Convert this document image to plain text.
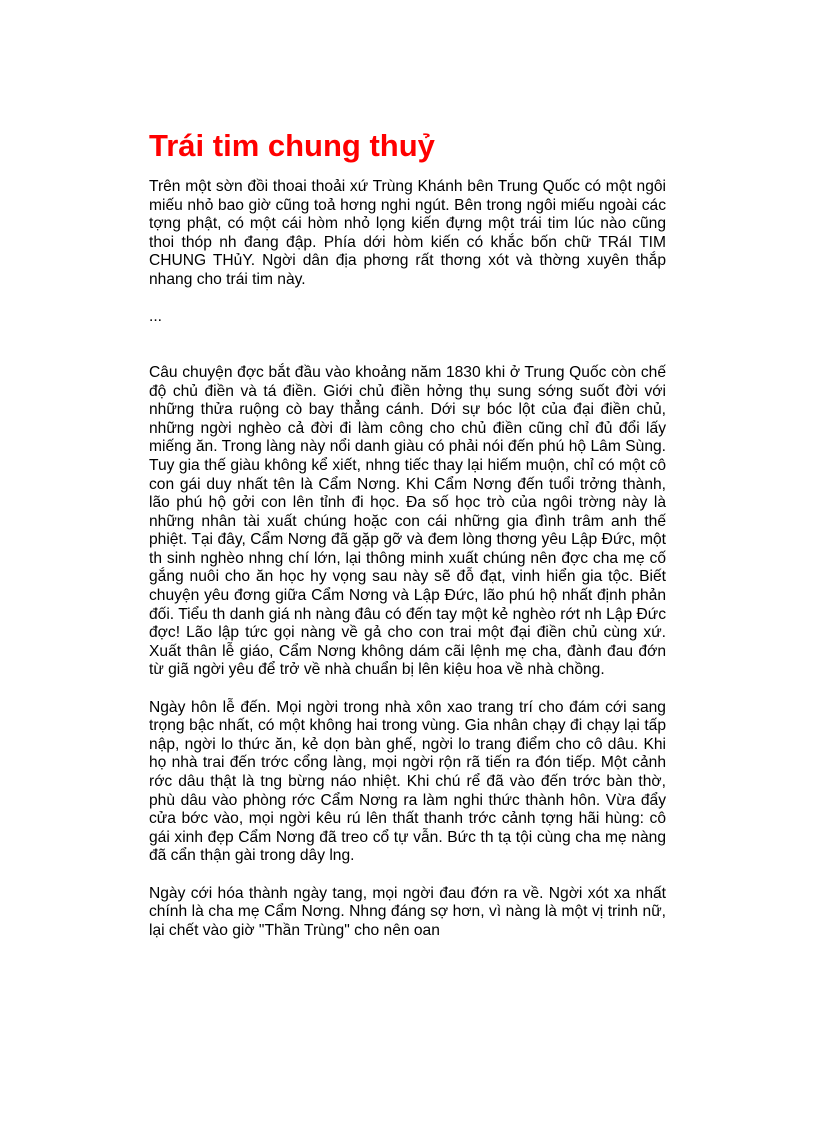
Trái tim chung thuỷ

Trên một sờn đồi thoai thoải xứ Trùng Khánh bên Trung Quốc có một ngôi miếu nhỏ bao giờ cũng toả hơng nghi ngút. Bên trong ngôi miếu ngoài các tợng phật, có một cái hòm nhỏ lọng kiến đựng một trái tim lúc nào cũng thoi thóp nh đang đập. Phía dới hòm kiến có khắc bốn chữ TRáI TIM CHUNG THủY. Ngời dân địa phơng rất thơng xót và thờng xuyên thắp nhang cho trái tim này.

...

Câu chuyện đợc bắt đầu vào khoảng năm 1830 khi ở Trung Quốc còn chế độ chủ điền và tá điền. Giới chủ điền hởng thụ sung sớng suốt đời với những thửa ruộng cò bay thẳng cánh. Dới sự bóc lột của đại điền chủ, những ngời nghèo cả đời đi làm công cho chủ điền cũng chỉ đủ đổi lấy miếng ăn. Trong làng này nổi danh giàu có phải nói đến phú hộ Lâm Sùng. Tuy gia thế giàu không kể xiết, nhng tiếc thay lại hiếm muộn, chỉ có một cô con gái duy nhất tên là Cẩm Nơng. Khi Cẩm Nơng đến tuổi trởng thành, lão phú hộ gởi con lên tỉnh đi học. Đa số học trò của ngôi trờng này là những nhân tài xuất chúng hoặc con cái những gia đình trâm anh thế phiệt. Tại đây, Cẩm Nơng đã gặp gỡ và đem lòng thơng yêu Lập Đức, một th sinh nghèo nhng chí lớn, lại thông minh xuất chúng nên đợc cha mẹ cố gắng nuôi cho ăn học hy vọng sau này sẽ đỗ đạt, vinh hiển gia tộc. Biết chuyện yêu đơng giữa Cẩm Nơng và Lập Đức, lão phú hộ nhất định phản đối. Tiểu th danh giá nh nàng đâu có đến tay một kẻ nghèo rớt nh Lập Đức đợc! Lão lập tức gọi nàng về gả cho con trai một đại điền chủ cùng xứ. Xuất thân lễ giáo, Cẩm Nơng không dám cãi lệnh mẹ cha, đành đau đớn từ giã ngời yêu để trở về nhà chuẩn bị lên kiệu hoa về nhà chồng.

Ngày hôn lễ đến. Mọi ngời trong nhà xôn xao trang trí cho đám cới sang trọng bậc nhất, có một không hai trong vùng. Gia nhân chạy đi chạy lại tấp nập, ngời lo thức ăn, kẻ dọn bàn ghế, ngời lo trang điểm cho cô dâu. Khi họ nhà trai đến trớc cổng làng, mọi ngời rộn rã tiến ra đón tiếp. Một cảnh rớc dâu thật là tng bừng náo nhiệt. Khi chú rể đã vào đến trớc bàn thờ, phù dâu vào phòng rớc Cẩm Nơng ra làm nghi thức thành hôn. Vừa đẩy cửa bớc vào, mọi ngời kêu rú lên thất thanh trớc cảnh tợng hãi hùng: cô gái xinh đẹp Cẩm Nơng đã treo cổ tự vẫn. Bức th tạ tội cùng cha mẹ nàng đã cẩn thận gài trong dây lng.

Ngày cới hóa thành ngày tang, mọi ngời đau đớn ra về. Ngời xót xa nhất chính là cha mẹ Cẩm Nơng. Nhng đáng sợ hơn, vì nàng là một vị trinh nữ, lại chết vào giờ "Thần Trùng" cho nên oan
